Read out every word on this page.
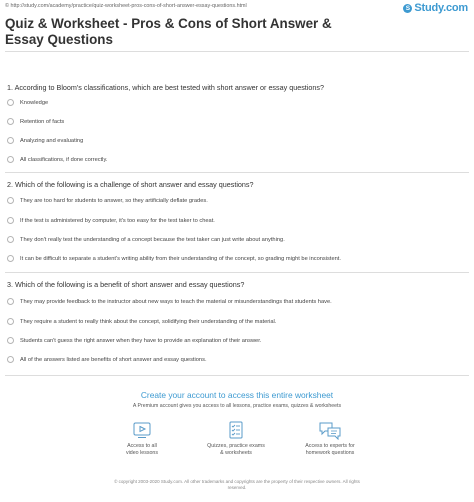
© http://study.com/academy/practice/quiz-worksheet-pros-cons-of-short-answer-essay-questions.html	S Study.com
Quiz & Worksheet - Pros & Cons of Short Answer & Essay Questions
1. According to Bloom's classifications, which are best tested with short answer or essay questions?
Knowledge
Retention of facts
Analyzing and evaluating
All classifications, if done correctly.
2. Which of the following is a challenge of short answer and essay questions?
They are too hard for students to answer, so they artificially deflate grades.
If the test is administered by computer, it's too easy for the test taker to cheat.
They don't really test the understanding of a concept because the test taker can just write about anything.
It can be difficult to separate a student's writing ability from their understanding of the concept, so grading might be inconsistent.
3. Which of the following is a benefit of short answer and essay questions?
They may provide feedback to the instructor about new ways to teach the material or misunderstandings that students have.
They require a student to really think about the concept, solidifying their understanding of the material.
Students can't guess the right answer when they have to provide an explanation of their answer.
All of the answers listed are benefits of short answer and essay questions.
Create your account to access this entire worksheet
A Premium account gives you access to all lessons, practice exams, quizzes & worksheets
Access to all
video lessons
Quizzes, practice exams
& worksheets
Access to experts for
homework questions
© copyright 2003-2020 Study.com. All other trademarks and copyrights are the property of their respective owners. All rights
reserved.
